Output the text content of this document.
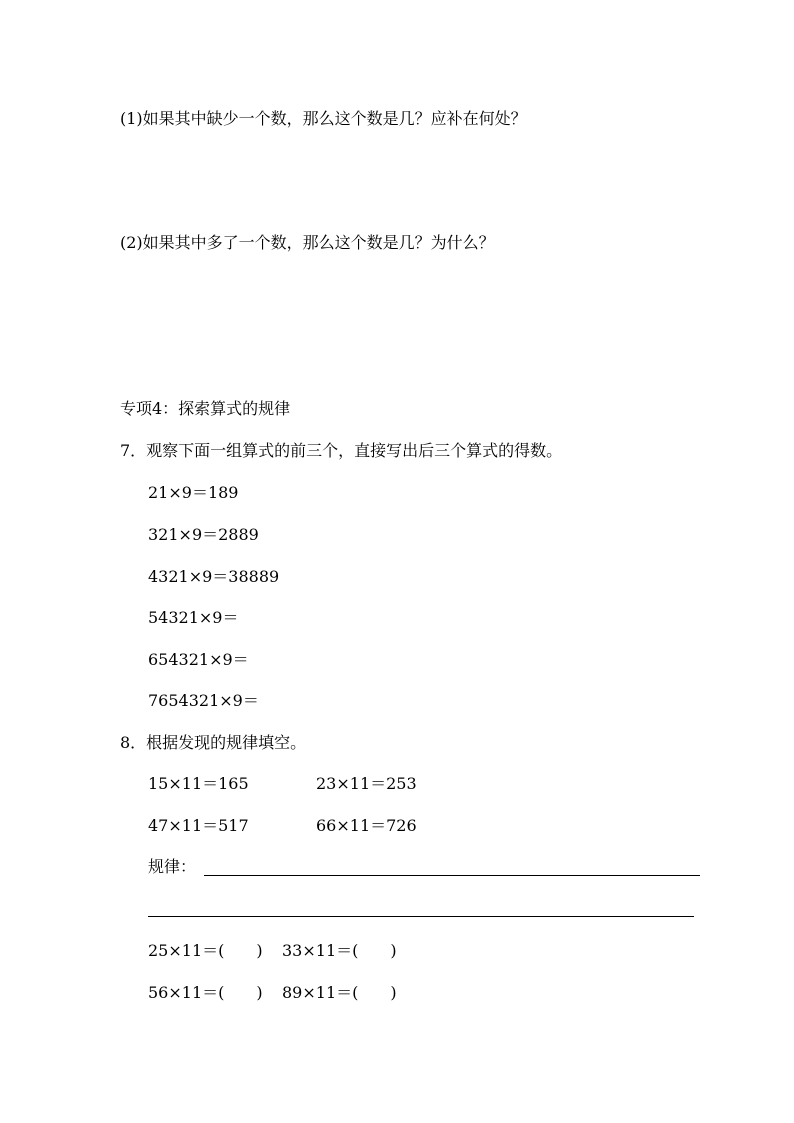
(1)如果其中缺少一个数，那么这个数是几？应补在何处？

(2)如果其中多了一个数，那么这个数是几？为什么？

专项4：探索算式的规律

7．观察下面一组算式的前三个，直接写出后三个算式的得数。

21×9＝189

321×9＝2889

4321×9＝38889

54321×9＝

654321×9＝

7654321×9＝

8．根据发现的规律填空。

15×11＝165	23×11＝253

47×11＝517	66×11＝726

规律：

25×11＝(　　) 33×11＝(　　)

56×11＝(　　) 89×11＝(　　)
